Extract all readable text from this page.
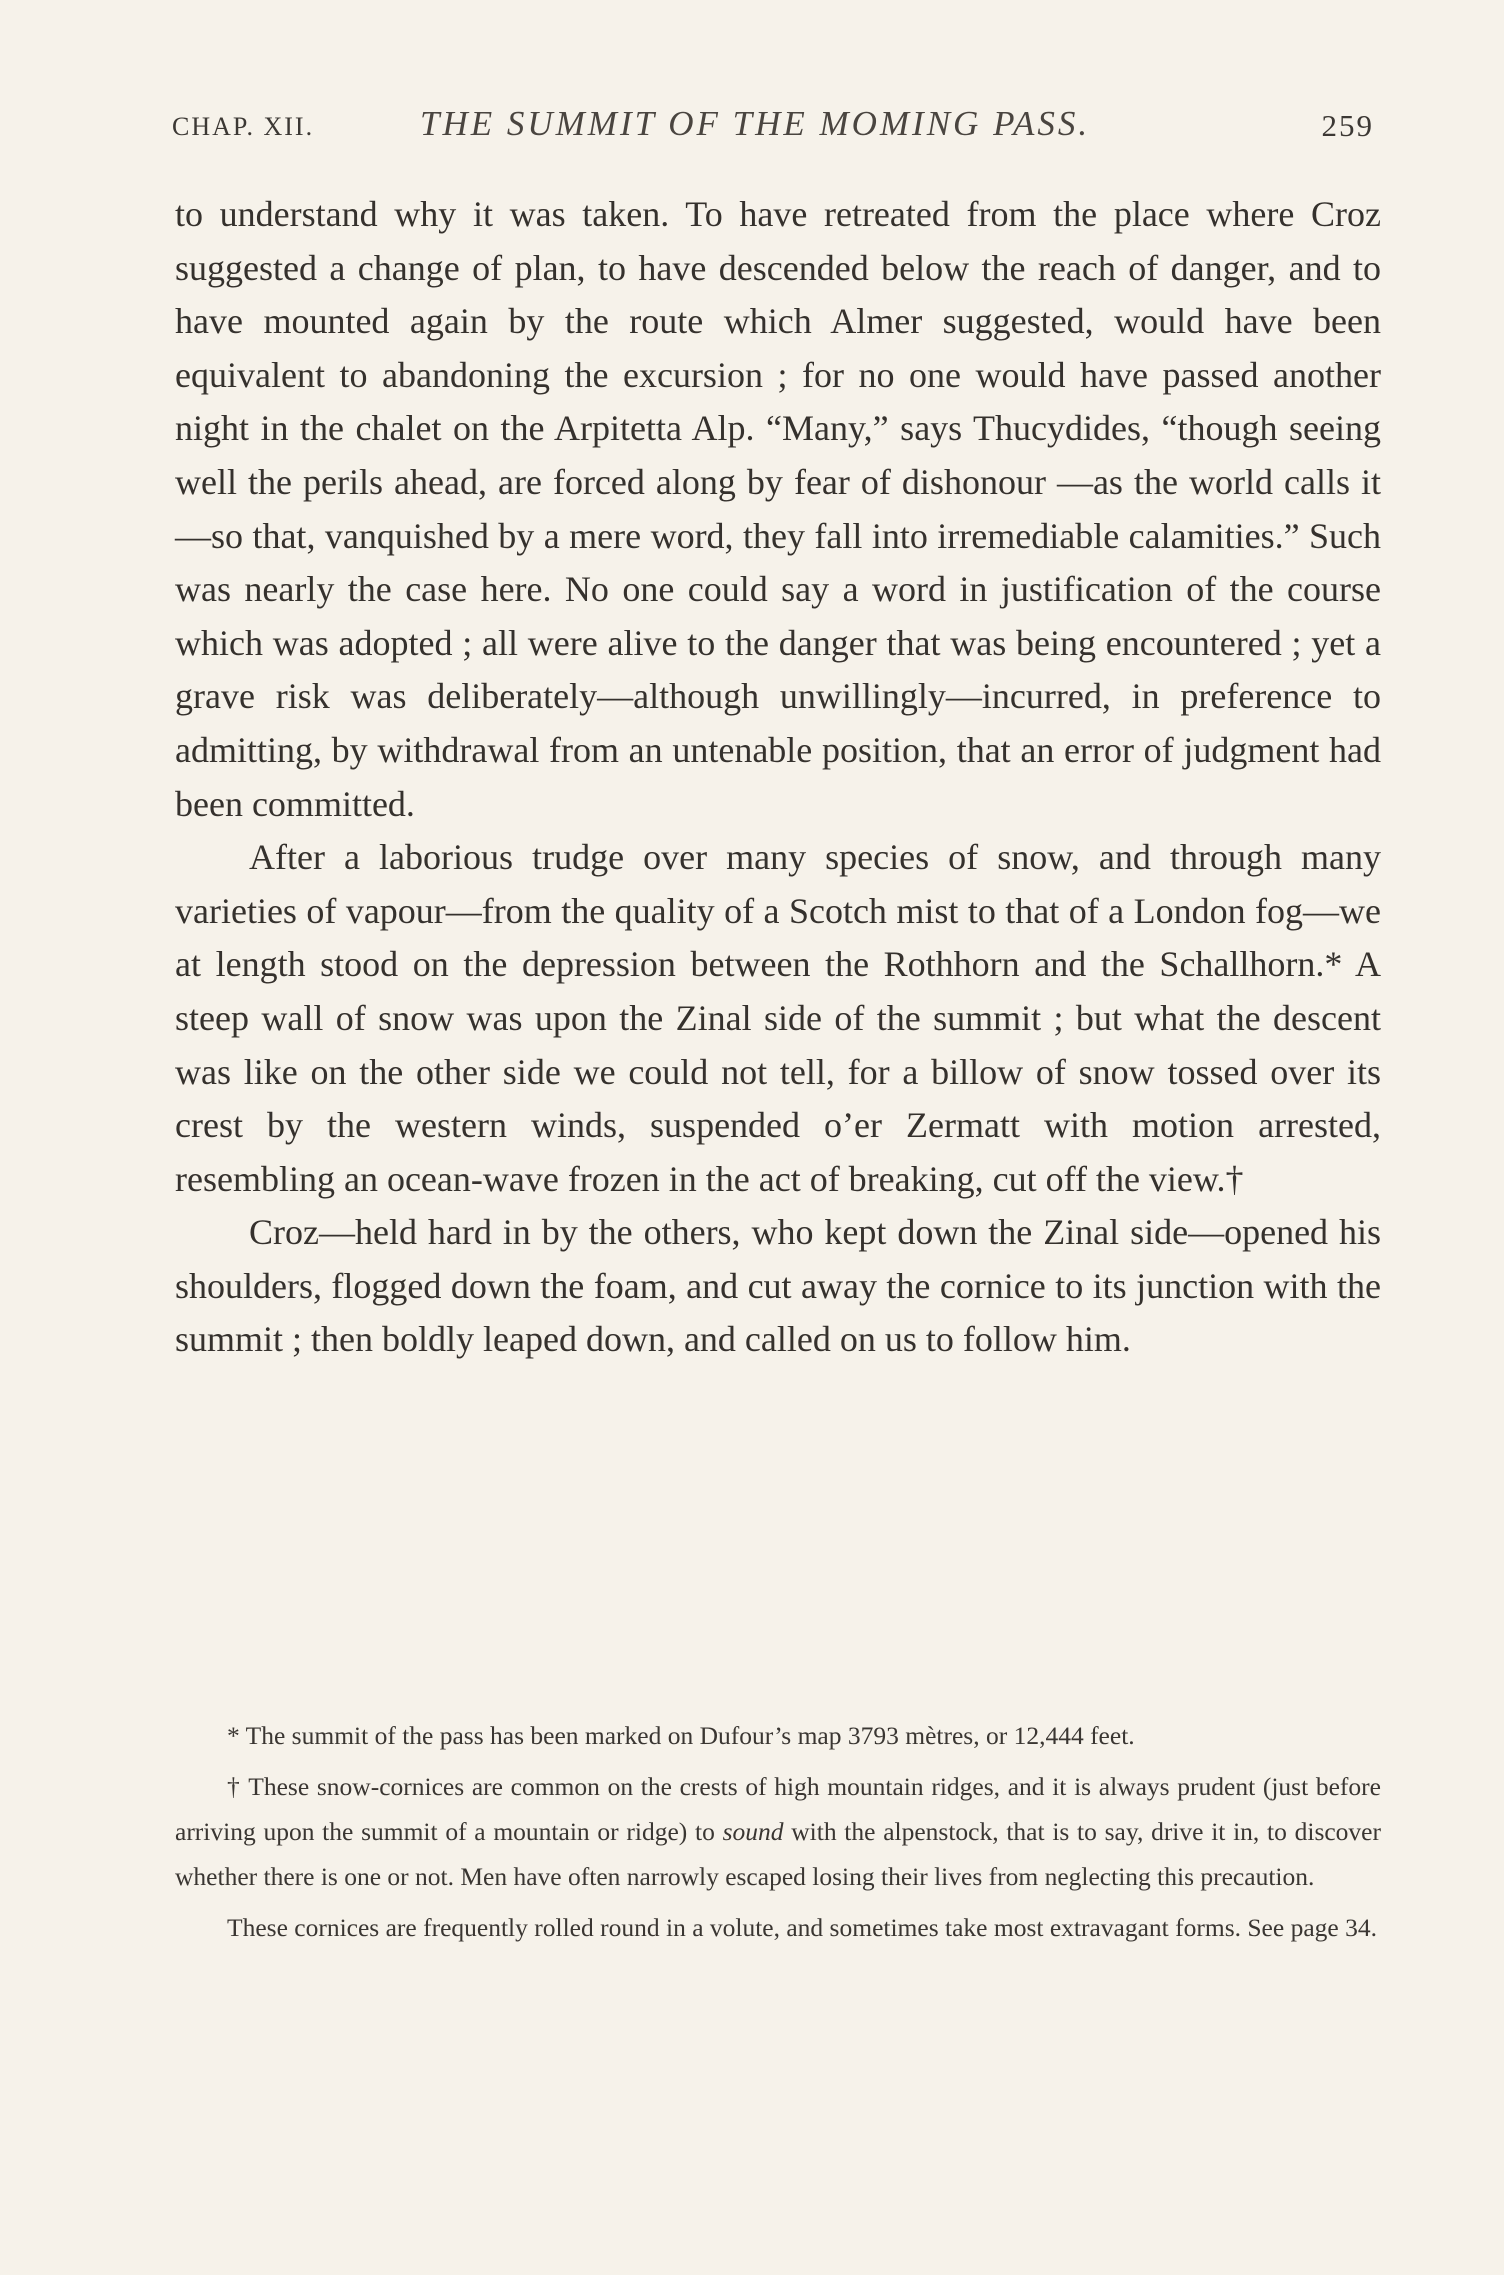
CHAP. XII.	THE SUMMIT OF THE MOMING PASS.	259

to understand why it was taken. To have retreated from the place where Croz suggested a change of plan, to have descended below the reach of danger, and to have mounted again by the route which Almer suggested, would have been equivalent to abandoning the excursion ; for no one would have passed another night in the chalet on the Arpitetta Alp. “Many,” says Thucydides, “though seeing well the perils ahead, are forced along by fear of dishonour —as the world calls it—so that, vanquished by a mere word, they fall into irremediable calamities.” Such was nearly the case here. No one could say a word in justification of the course which was adopted ; all were alive to the danger that was being encountered ; yet a grave risk was deliberately—although unwillingly—incurred, in preference to admitting, by withdrawal from an untenable position, that an error of judgment had been committed.

After a laborious trudge over many species of snow, and through many varieties of vapour—from the quality of a Scotch mist to that of a London fog—we at length stood on the depression between the Rothhorn and the Schallhorn.* A steep wall of snow was upon the Zinal side of the summit ; but what the descent was like on the other side we could not tell, for a billow of snow tossed over its crest by the western winds, suspended o’er Zermatt with motion arrested, resembling an ocean-wave frozen in the act of breaking, cut off the view.†

Croz—held hard in by the others, who kept down the Zinal side—opened his shoulders, flogged down the foam, and cut away the cornice to its junction with the summit ; then boldly leaped down, and called on us to follow him.

* The summit of the pass has been marked on Dufour’s map 3793 mètres, or 12,444 feet.

† These snow-cornices are common on the crests of high mountain ridges, and it is always prudent (just before arriving upon the summit of a mountain or ridge) to sound with the alpenstock, that is to say, drive it in, to discover whether there is one or not. Men have often narrowly escaped losing their lives from neglecting this precaution.

These cornices are frequently rolled round in a volute, and sometimes take most extravagant forms. See page 34.
